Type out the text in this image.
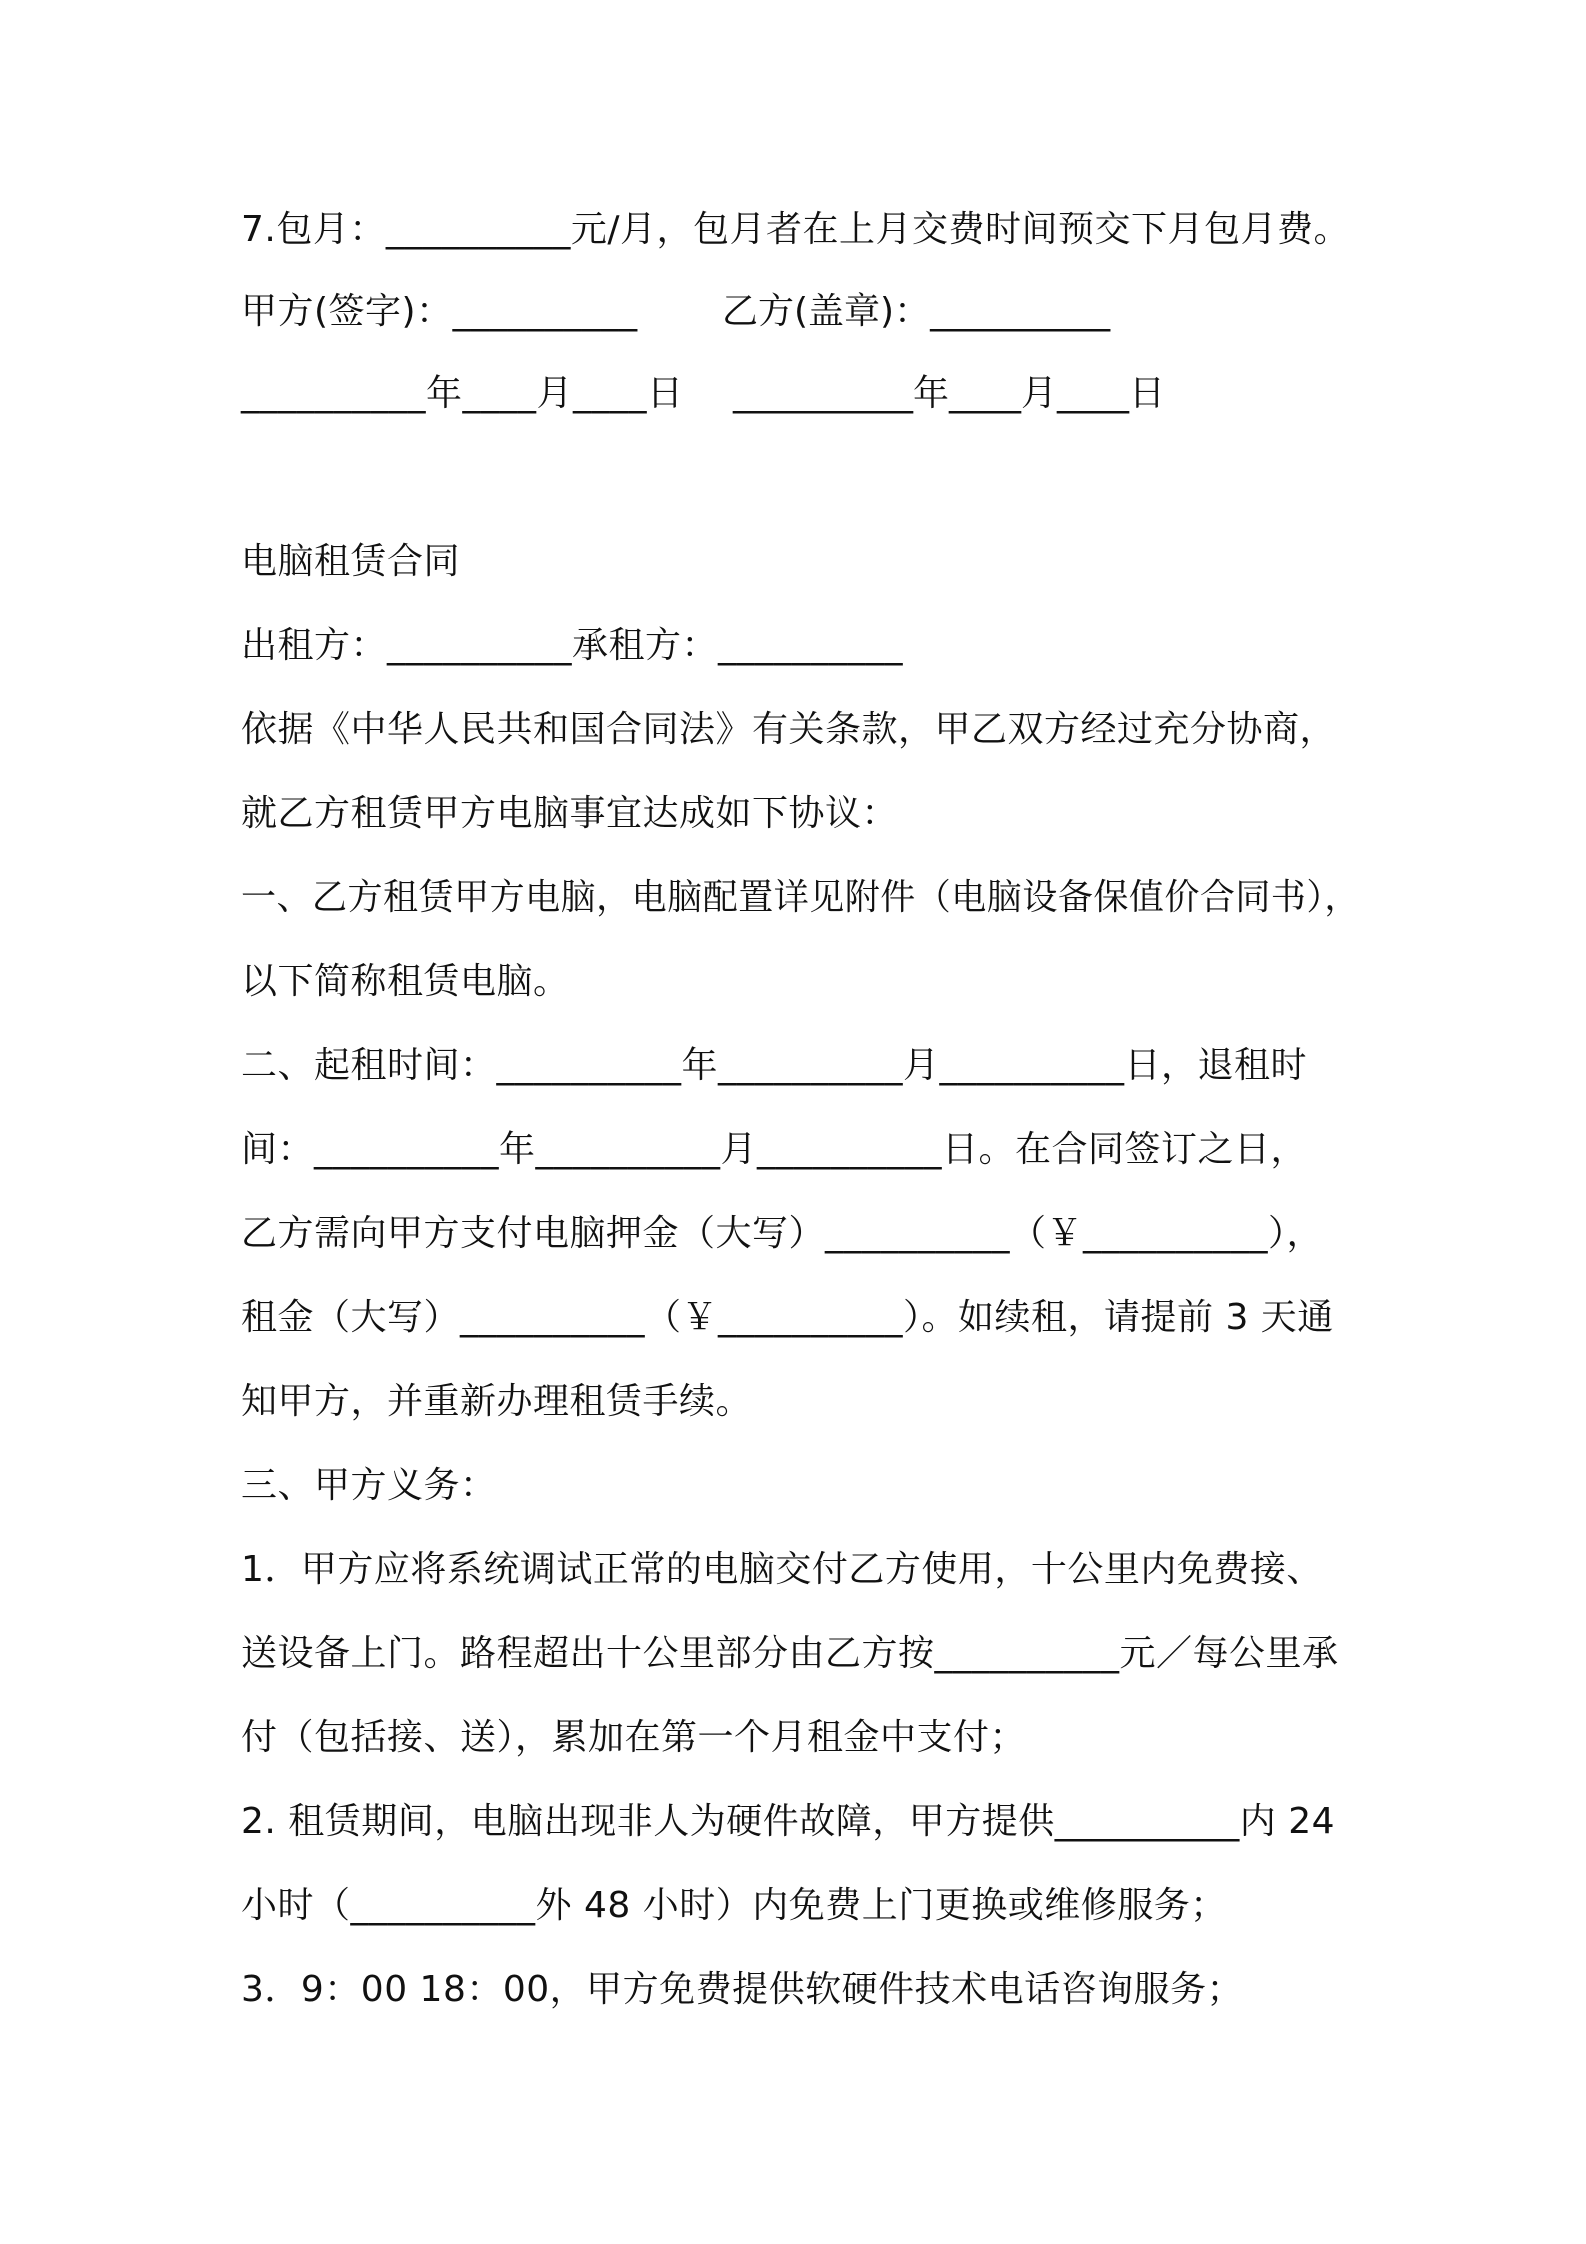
7.包月：__________元/月，包月者在上月交费时间预交下月包月费。
甲方(签字)：__________ 乙方(盖章)：__________
__________年____月____日 __________年____月____日
电脑租赁合同
出租方：__________承租方：__________
依据《中华人民共和国合同法》有关条款，甲乙双方经过充分协商，
就乙方租赁甲方电脑事宜达成如下协议：
一、乙方租赁甲方电脑，电脑配置详见附件（电脑设备保值价合同书），
以下简称租赁电脑。
二、起租时间：__________年__________月__________日，退租时
间：__________年__________月__________日。在合同签订之日，
乙方需向甲方支付电脑押金（大写）__________（￥__________），
租金（大写）__________（￥__________）。如续租，请提前 3 天通
知甲方，并重新办理租赁手续。
三、甲方义务：
1．甲方应将系统调试正常的电脑交付乙方使用，十公里内免费接、
送设备上门。路程超出十公里部分由乙方按__________元／每公里承
付（包括接、送），累加在第一个月租金中支付；
2. 租赁期间，电脑出现非人为硬件故障，甲方提供__________内 24
小时（__________外 48 小时）内免费上门更换或维修服务；
3．9：00 18：00，甲方免费提供软硬件技术电话咨询服务；
